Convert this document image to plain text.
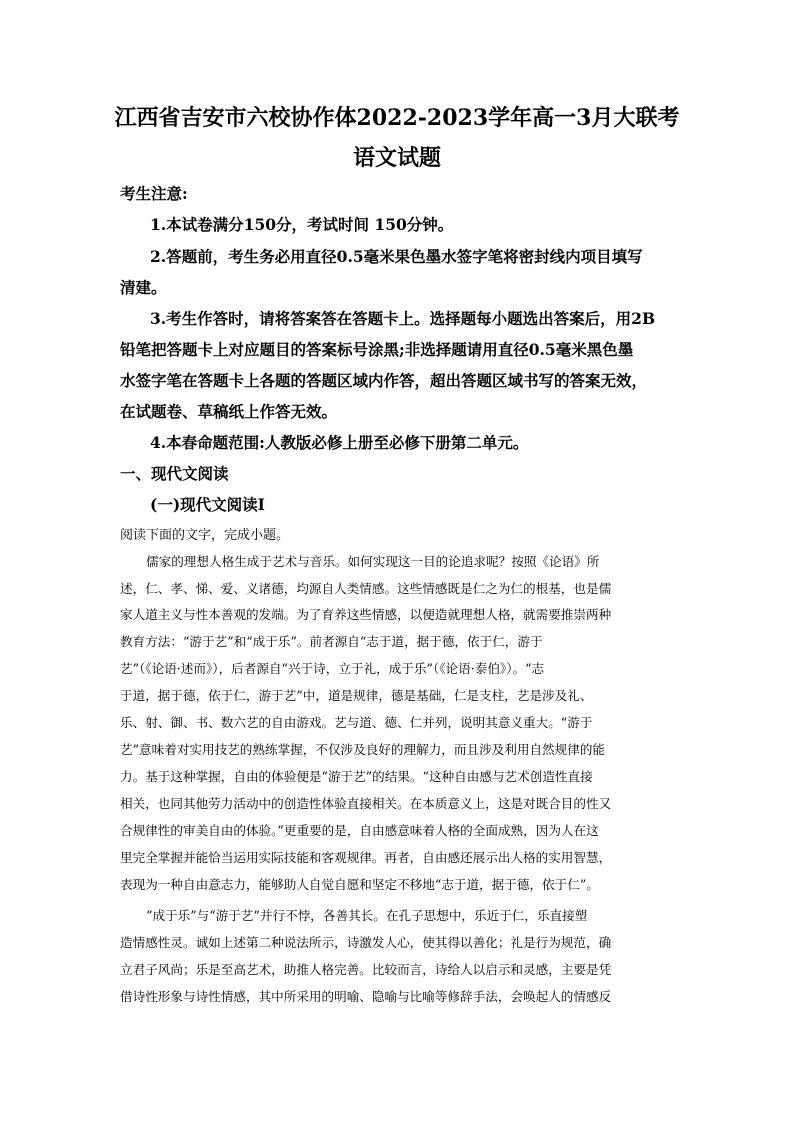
江西省吉安市六校协作体2022-2023学年高一3月大联考
语文试题
考生注意:
1.本试卷满分150分，考试时间 150分钟。
2.答题前，考生务必用直径0.5毫米果色墨水签字笔将密封线内项目填写
清建。
3.考生作答时，请将答案答在答题卡上。选择题每小题选出答案后，用2B
铅笔把答题卡上对应题目的答案标号涂黑;非选择题请用直径0.5毫米黑色墨
水签字笔在答题卡上各题的答题区域内作答，超出答题区域书写的答案无效，
在试题卷、草稿纸上作答无效。
4.本春命题范围:人教版必修上册至必修下册第二单元。
一、现代文阅读
(一)现代文阅读Ⅰ
阅读下面的文字，完成小题。
儒家的理想人格生成于艺术与音乐。如何实现这一目的论追求呢？按照《论语》所
述，仁、孝、悌、爱、义诸德，均源自人类情感。这些情感既是仁之为仁的根基，也是儒
家人道主义与性本善观的发端。为了育养这些情感，以便造就理想人格，就需要推崇两种
教育方法：“游于艺”和“成于乐”。前者源自“志于道，据于德，依于仁，游于
艺”（《论语·述而》），后者源自“兴于诗，立于礼，成于乐”（《论语·泰伯》）。“志
于道，据于德，依于仁，游于艺”中，道是规律，德是基础，仁是支柱，艺是涉及礼、
乐、射、御、书、数六艺的自由游戏。艺与道、德、仁并列，说明其意义重大。“游于
艺”意味着对实用技艺的熟练掌握，不仅涉及良好的理解力，而且涉及利用自然规律的能
力。基于这种掌握，自由的体验便是“游于艺”的结果。“这种自由感与艺术创造性直接
相关，也同其他劳力活动中的创造性体验直接相关。在本质意义上，这是对既合目的性又
合规律性的审美自由的体验。”更重要的是，自由感意味着人格的全面成熟，因为人在这
里完全掌握并能恰当运用实际技能和客观规律。再者，自由感还展示出人格的实用智慧，
表现为一种自由意志力，能够助人自觉自愿和坚定不移地“志于道，据于德，依于仁”。
“成于乐”与“游于艺”并行不悖，各善其长。在孔子思想中，乐近于仁，乐直接塑
造情感性灵。诚如上述第二种说法所示，诗激发人心，使其得以善化；礼是行为规范，确
立君子风尚；乐是至高艺术，助推人格完善。比较而言，诗给人以启示和灵感，主要是凭
借诗性形象与诗性情感，其中所采用的明喻、隐喻与比喻等修辞手法，会唤起人的情感反
